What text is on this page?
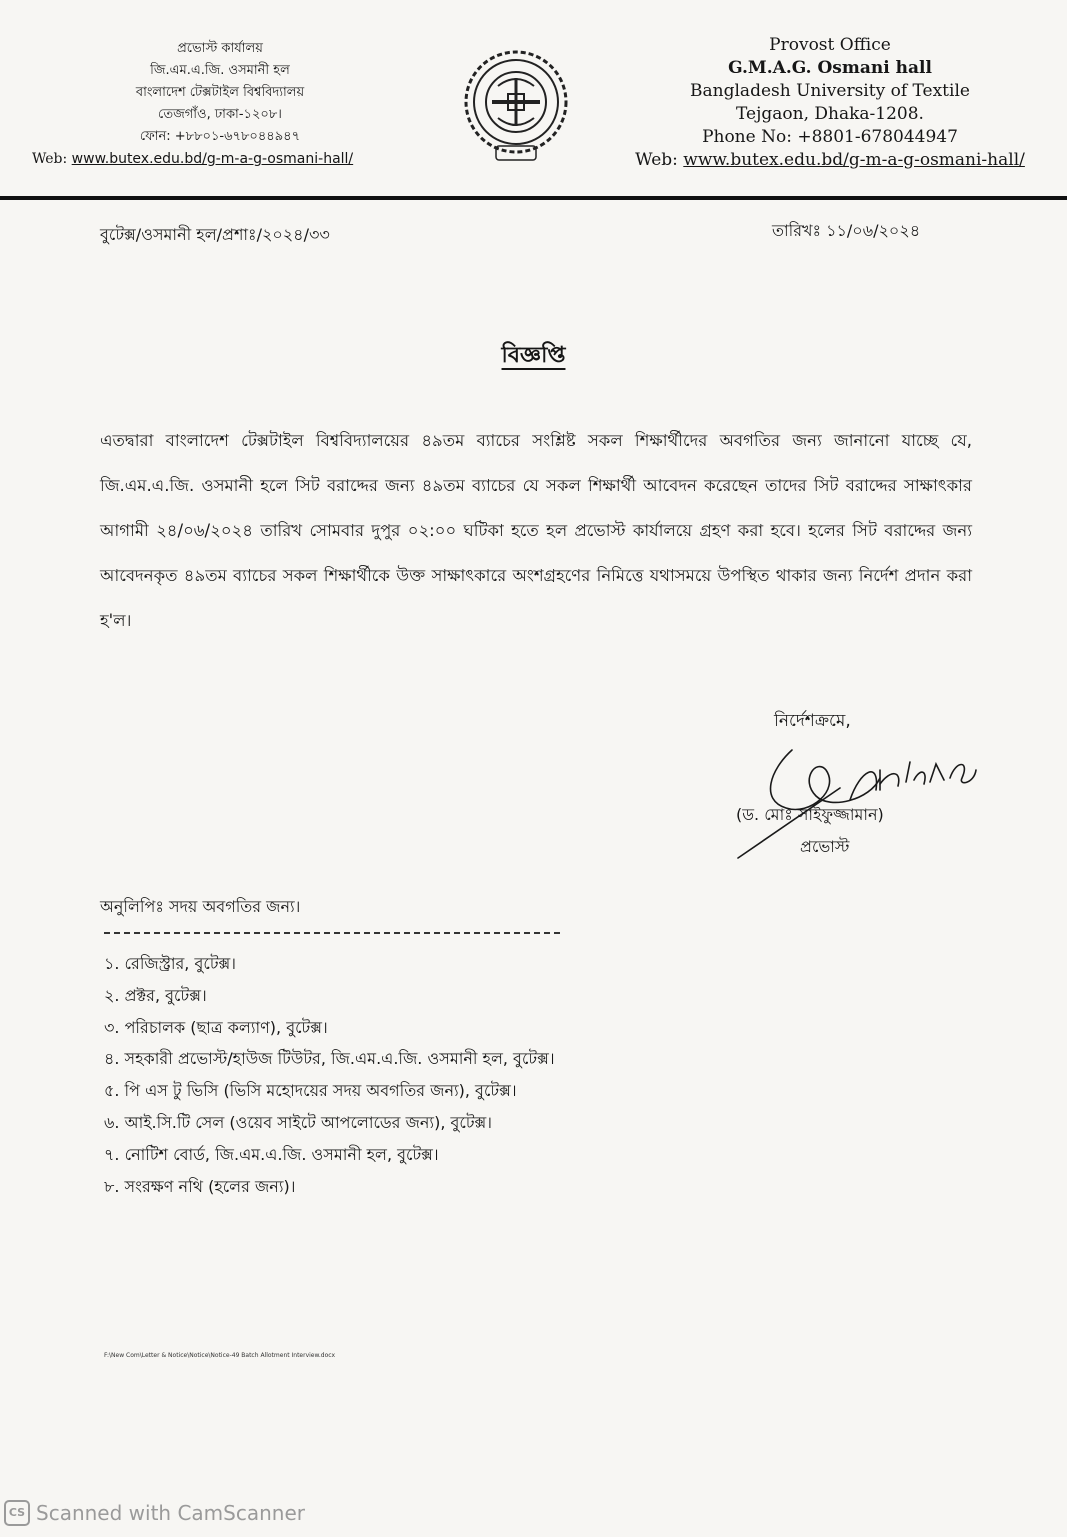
প্রভোস্ট কার্যালয়
জি.এম.এ.জি. ওসমানী হল
বাংলাদেশ টেক্সটাইল বিশ্ববিদ্যালয়
তেজগাঁও, ঢাকা-১২০৮।
ফোন: +৮৮০১-৬৭৮০৪৪৯৪৭
Web: www.butex.edu.bd/g-m-a-g-osmani-hall/
Provost Office
G.M.A.G. Osmani hall
Bangladesh University of Textile
Tejgaon, Dhaka-1208.
Phone No: +8801-678044947
Web: www.butex.edu.bd/g-m-a-g-osmani-hall/
বুটেক্স/ওসমানী হল/প্রশাঃ/২০২৪/৩৩	তারিখঃ ১১/০৬/২০২৪
বিজ্ঞপ্তি
এতদ্বারা বাংলাদেশ টেক্সটাইল বিশ্ববিদ্যালয়ের ৪৯তম ব্যাচের সংশ্লিষ্ট সকল শিক্ষার্থীদের অবগতির জন্য জানানো যাচ্ছে যে, জি.এম.এ.জি. ওসমানী হলে সিট বরাদ্দের জন্য ৪৯তম ব্যাচের যে সকল শিক্ষার্থী আবেদন করেছেন তাদের সিট বরাদ্দের সাক্ষাৎকার আগামী ২৪/০৬/২০২৪ তারিখ সোমবার দুপুর ০২:০০ ঘটিকা হতে হল প্রভোস্ট কার্যালয়ে গ্রহণ করা হবে। হলের সিট বরাদ্দের জন্য আবেদনকৃত ৪৯তম ব্যাচের সকল শিক্ষার্থীকে উক্ত সাক্ষাৎকারে অংশগ্রহণের নিমিত্তে যথাসময়ে উপস্থিত থাকার জন্য নির্দেশ প্রদান করা হ'ল।
নির্দেশক্রমে,
(ড. মোঃ সাইফুজ্জামান)
প্রভোস্ট
অনুলিপিঃ সদয় অবগতির জন্য।
১. রেজিস্ট্রার, বুটেক্স।
২. প্রক্টর, বুটেক্স।
৩. পরিচালক (ছাত্র কল্যাণ), বুটেক্স।
৪. সহকারী প্রভোস্ট/হাউজ টিউটর, জি.এম.এ.জি. ওসমানী হল, বুটেক্স।
৫. পি এস টু ভিসি (ভিসি মহোদয়ের সদয় অবগতির জন্য), বুটেক্স।
৬. আই.সি.টি সেল (ওয়েব সাইটে আপলোডের জন্য), বুটেক্স।
৭. নোটিশ বোর্ড, জি.এম.এ.জি. ওসমানী হল, বুটেক্স।
৮. সংরক্ষণ নথি (হলের জন্য)।
F:\New Com\Letter & Notice\Notice\Notice-49 Batch Allotment Interview.docx
CS Scanned with CamScanner
